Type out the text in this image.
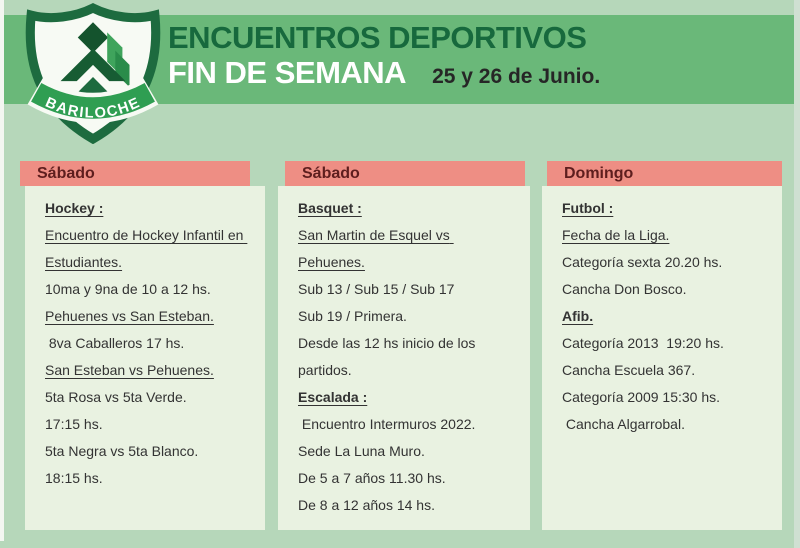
BARILOCHE
ENCUENTROS DEPORTIVOS
FIN DE SEMANA 25 y 26 de Junio.
Sábado

Hockey :

Encuentro de Hockey Infantil en Estudiantes.

10ma y 9na de 10 a 12 hs.

Pehuenes vs San Esteban.

8va Caballeros 17 hs.

San Esteban vs Pehuenes.

5ta Rosa vs 5ta Verde.

17:15 hs.

5ta Negra vs 5ta Blanco.

18:15 hs.

Sábado

Basquet :

San Martin de Esquel vs Pehuenes.

Sub 13 / Sub 15 / Sub 17

Sub 19 / Primera.

Desde las 12 hs inicio de los partidos.

Escalada :

Encuentro Intermuros 2022.

Sede La Luna Muro.

De 5 a 7 años 11.30 hs.

De 8 a 12 años 14 hs.

Domingo

Futbol :

Fecha de la Liga.

Categoría sexta 20.20 hs.

Cancha Don Bosco.

Afib.

Categoría 2013  19:20 hs.

Cancha Escuela 367.

Categoría 2009 15:30 hs.

Cancha Algarrobal.
